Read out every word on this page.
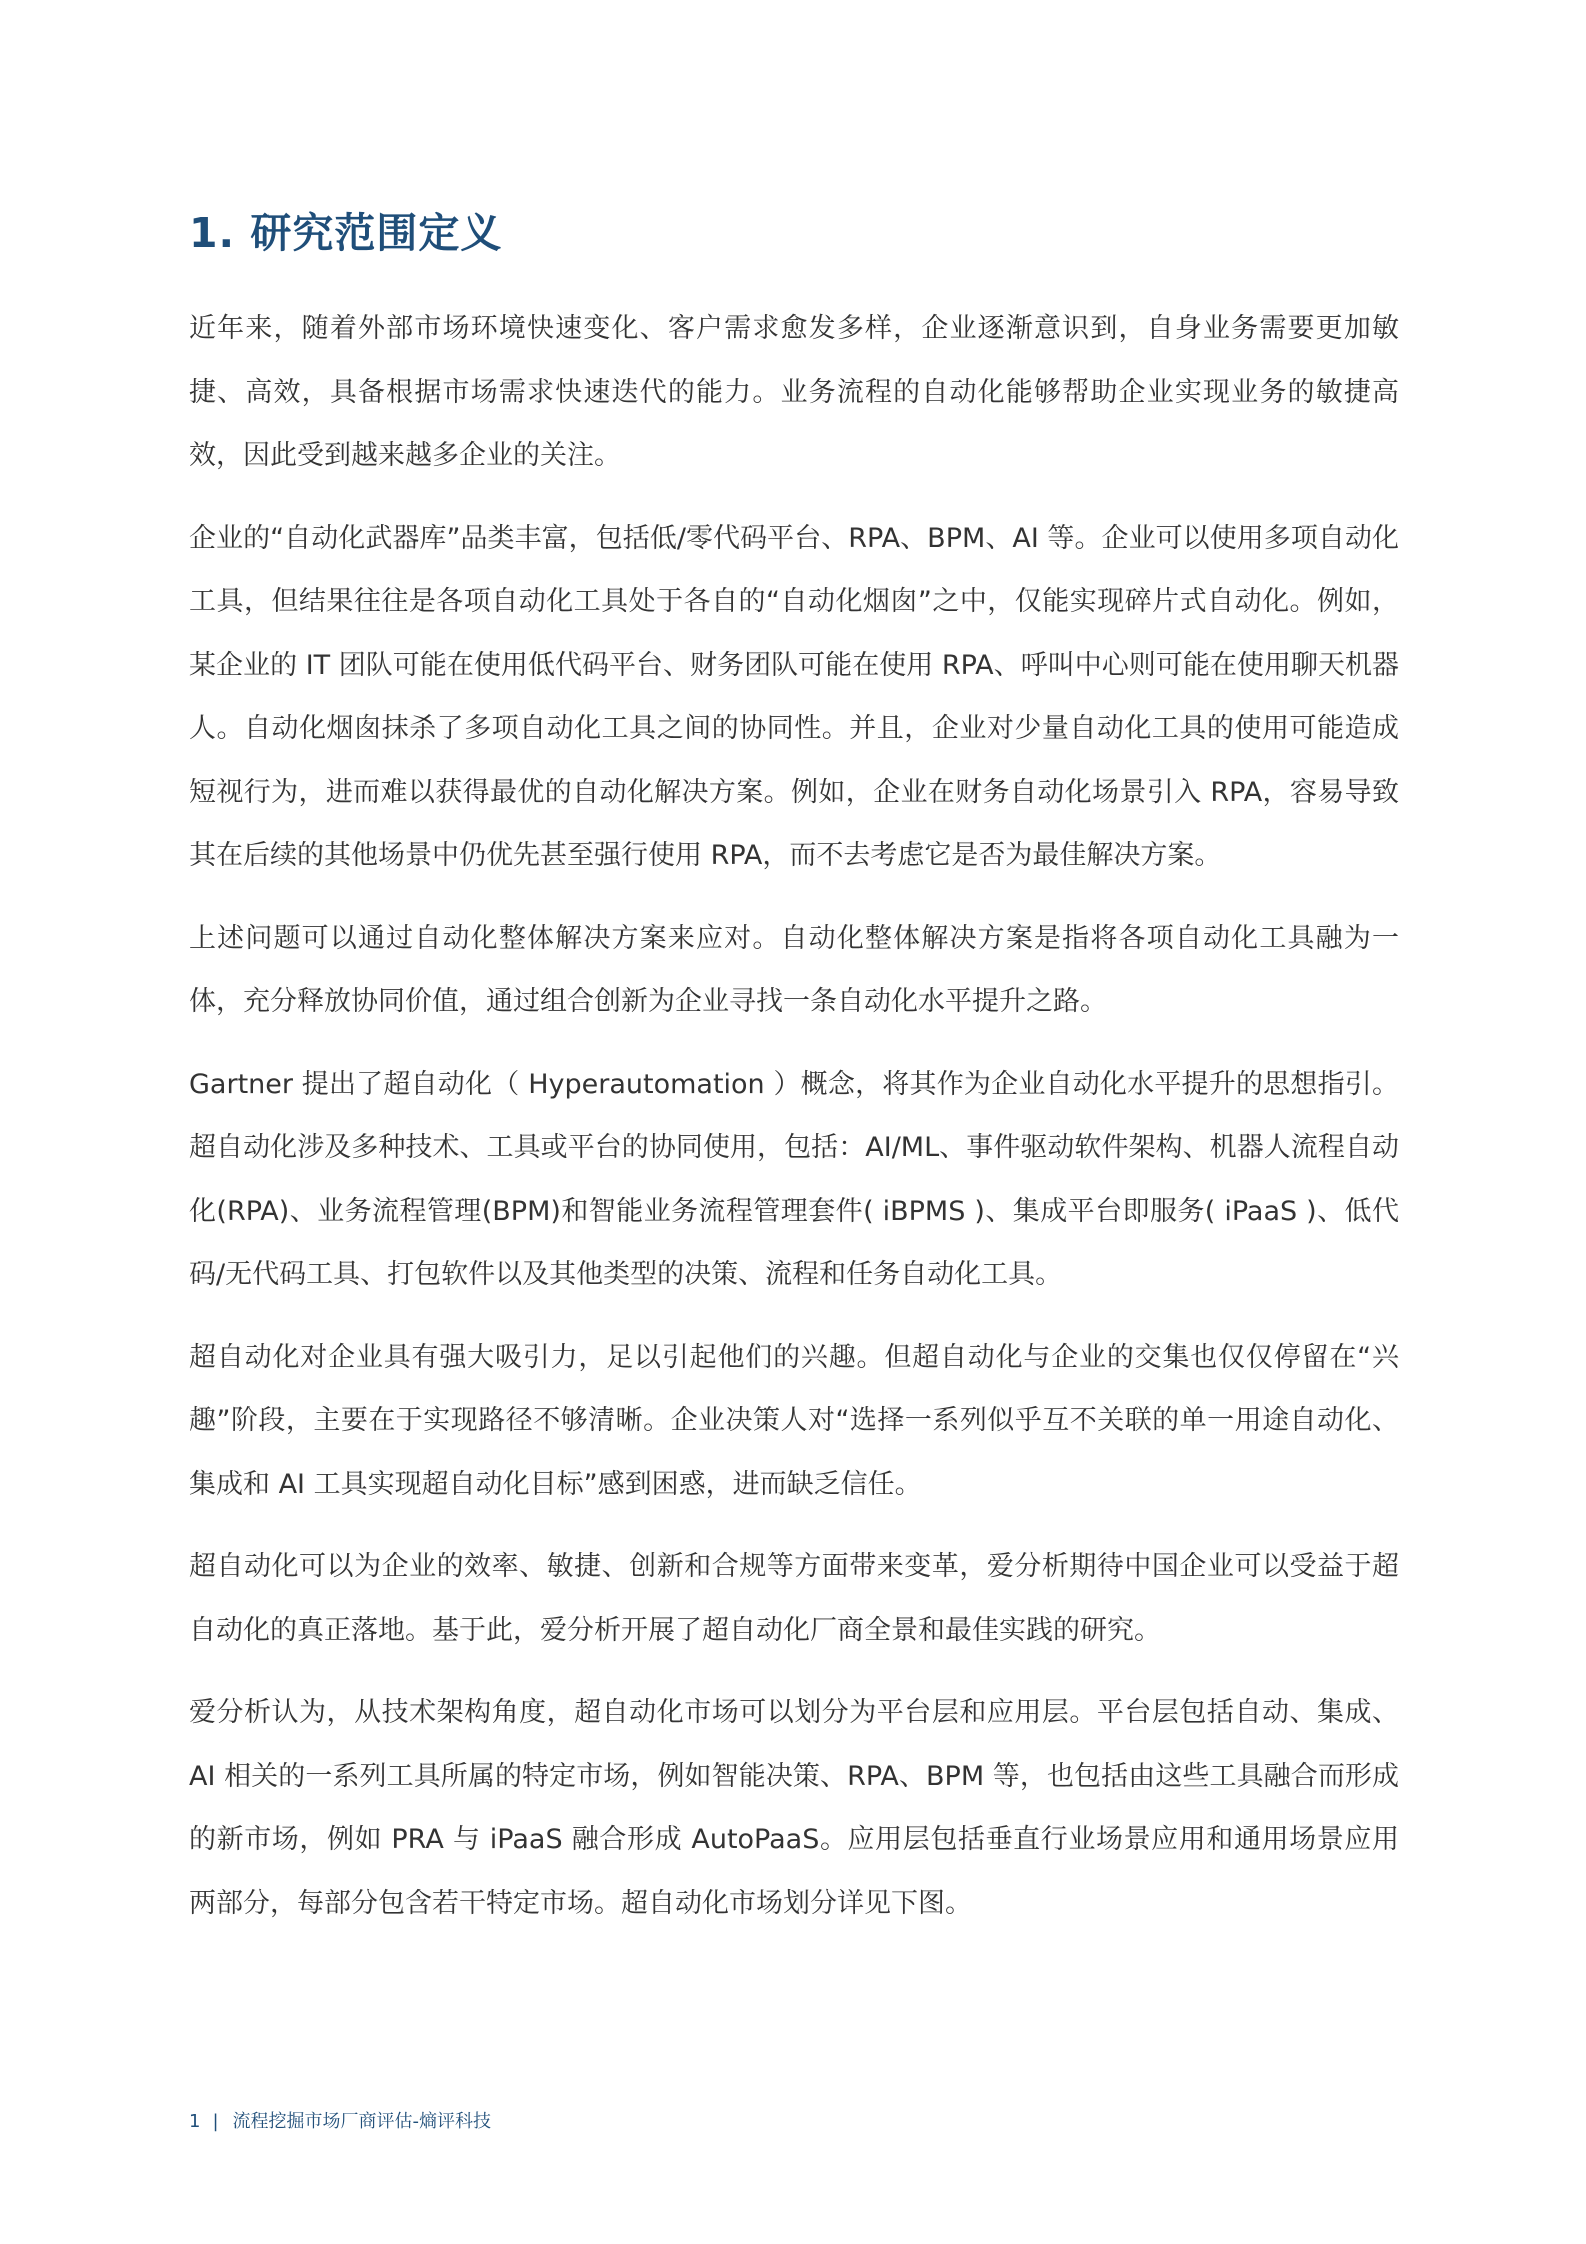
1. 研究范围定义

近年来，随着外部市场环境快速变化、客户需求愈发多样，企业逐渐意识到，自身业务需要更加敏捷、高效，具备根据市场需求快速迭代的能力。业务流程的自动化能够帮助企业实现业务的敏捷高效，因此受到越来越多企业的关注。

企业的“自动化武器库”品类丰富，包括低/零代码平台、RPA、BPM、AI 等。企业可以使用多项自动化工具，但结果往往是各项自动化工具处于各自的“自动化烟囱”之中，仅能实现碎片式自动化。例如，某企业的 IT 团队可能在使用低代码平台、财务团队可能在使用 RPA、呼叫中心则可能在使用聊天机器人。自动化烟囱抹杀了多项自动化工具之间的协同性。并且，企业对少量自动化工具的使用可能造成短视行为，进而难以获得最优的自动化解决方案。例如，企业在财务自动化场景引入 RPA，容易导致其在后续的其他场景中仍优先甚至强行使用 RPA，而不去考虑它是否为最佳解决方案。

上述问题可以通过自动化整体解决方案来应对。自动化整体解决方案是指将各项自动化工具融为一体，充分释放协同价值，通过组合创新为企业寻找一条自动化水平提升之路。

Gartner 提出了超自动化（ Hyperautomation ）概念，将其作为企业自动化水平提升的思想指引。超自动化涉及多种技术、工具或平台的协同使用，包括：AI/ML、事件驱动软件架构、机器人流程自动化(RPA)、业务流程管理(BPM)和智能业务流程管理套件( iBPMS )、集成平台即服务( iPaaS )、低代码/无代码工具、打包软件以及其他类型的决策、流程和任务自动化工具。

超自动化对企业具有强大吸引力，足以引起他们的兴趣。但超自动化与企业的交集也仅仅停留在“兴趣”阶段，主要在于实现路径不够清晰。企业决策人对“选择一系列似乎互不关联的单一用途自动化、集成和 AI 工具实现超自动化目标”感到困惑，进而缺乏信任。

超自动化可以为企业的效率、敏捷、创新和合规等方面带来变革，爱分析期待中国企业可以受益于超自动化的真正落地。基于此，爱分析开展了超自动化厂商全景和最佳实践的研究。

爱分析认为，从技术架构角度，超自动化市场可以划分为平台层和应用层。平台层包括自动、集成、AI 相关的一系列工具所属的特定市场，例如智能决策、RPA、BPM 等，也包括由这些工具融合而形成的新市场，例如 PRA 与 iPaaS 融合形成 AutoPaaS。应用层包括垂直行业场景应用和通用场景应用两部分，每部分包含若干特定市场。超自动化市场划分详见下图。

1 | 流程挖掘市场厂商评估-熵评科技
